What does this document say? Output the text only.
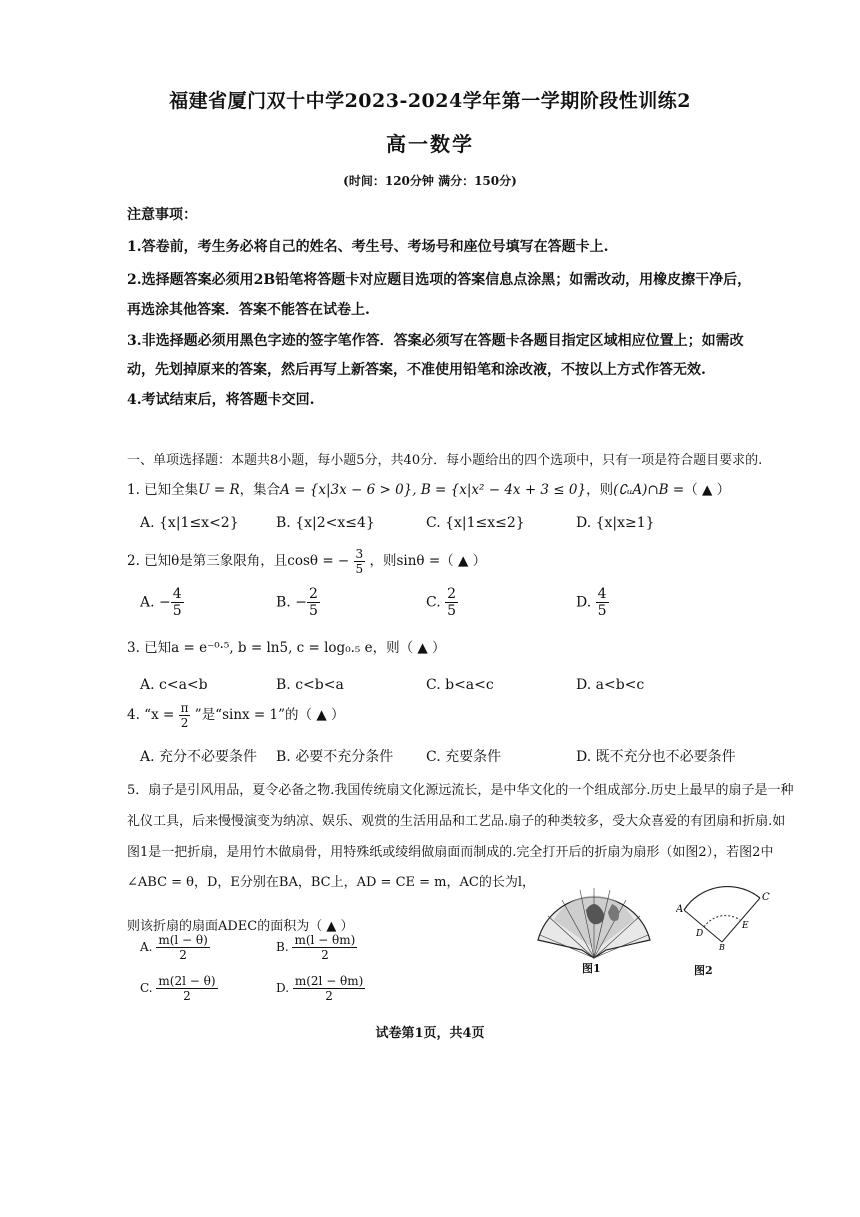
福建省厦门双十中学2023-2024学年第一学期阶段性训练2
高一数学
(时间：120分钟 满分：150分)
注意事项：
1.答卷前，考生务必将自己的姓名、考生号、考场号和座位号填写在答题卡上.
2.选择题答案必须用2B铅笔将答题卡对应题目选项的答案信息点涂黑；如需改动，用橡皮擦干净后，
再选涂其他答案．答案不能答在试卷上.
3.非选择题必须用黑色字迹的签字笔作答．答案必须写在答题卡各题目指定区域相应位置上；如需改
动，先划掉原来的答案，然后再写上新答案，不准使用铅笔和涂改液，不按以上方式作答无效.
4.考试结束后，将答题卡交回.
一、单项选择题：本题共8小题，每小题5分，共40分．每小题给出的四个选项中，只有一项是符合题目要求的.
1. 已知全集U = R，集合A = {x|3x − 6 > 0}, B = {x|x² − 4x + 3 ≤ 0}，则(∁ᵤA)∩B =（ ▲ ）
A. {x|1≤x<2}	B. {x|2<x≤4}	C. {x|1≤x≤2}	D. {x|x≥1}
2. 已知θ是第三象限角，且cosθ = − $\frac{3}{5}$ ，则sinθ =（ ▲ ）
A. − $\frac{4}{5}$	B. − $\frac{2}{5}$	C. $\frac{2}{5}$	D. $\frac{4}{5}$
3. 已知a = e⁻⁰·⁵, b = ln5, c = log₀.₅ e，则（ ▲ ）
A. c<a<b	B. c<b<a	C. b<a<c	D. a<b<c
4. “$x = \frac{\pi}{2}$ ”是“sinx = 1”的（ ▲ ）
A. 充分不必要条件 B. 必要不充分条件 C. 充要条件	D. 既不充分也不必要条件
5．扇子是引风用品，夏令必备之物.我国传统扇文化源远流长，是中华文化的一个组成部分.历史上最早的扇子是一种
礼仪工具，后来慢慢演变为纳凉、娱乐、观赏的生活用品和工艺品.扇子的种类较多，受大众喜爱的有团扇和折扇.如
图1是一把折扇，是用竹木做扇骨，用特殊纸或绫绢做扇面而制成的.完全打开后的折扇为扇形（如图2），若图2中
∠ABC = θ，D，E分别在BA，BC上，AD = CE = m，AC的长为l，
则该折扇的扇面ADEC的面积为（ ▲ ）
A. $\frac{m(l - \theta)}{2}$	B. $\frac{m(l - \theta m)}{2}$
C. $\frac{m(2l - \theta)}{2}$	D. $\frac{m(2l - \theta m)}{2}$
图1
A
C
D
E
B
图2
试卷第1页，共4页
